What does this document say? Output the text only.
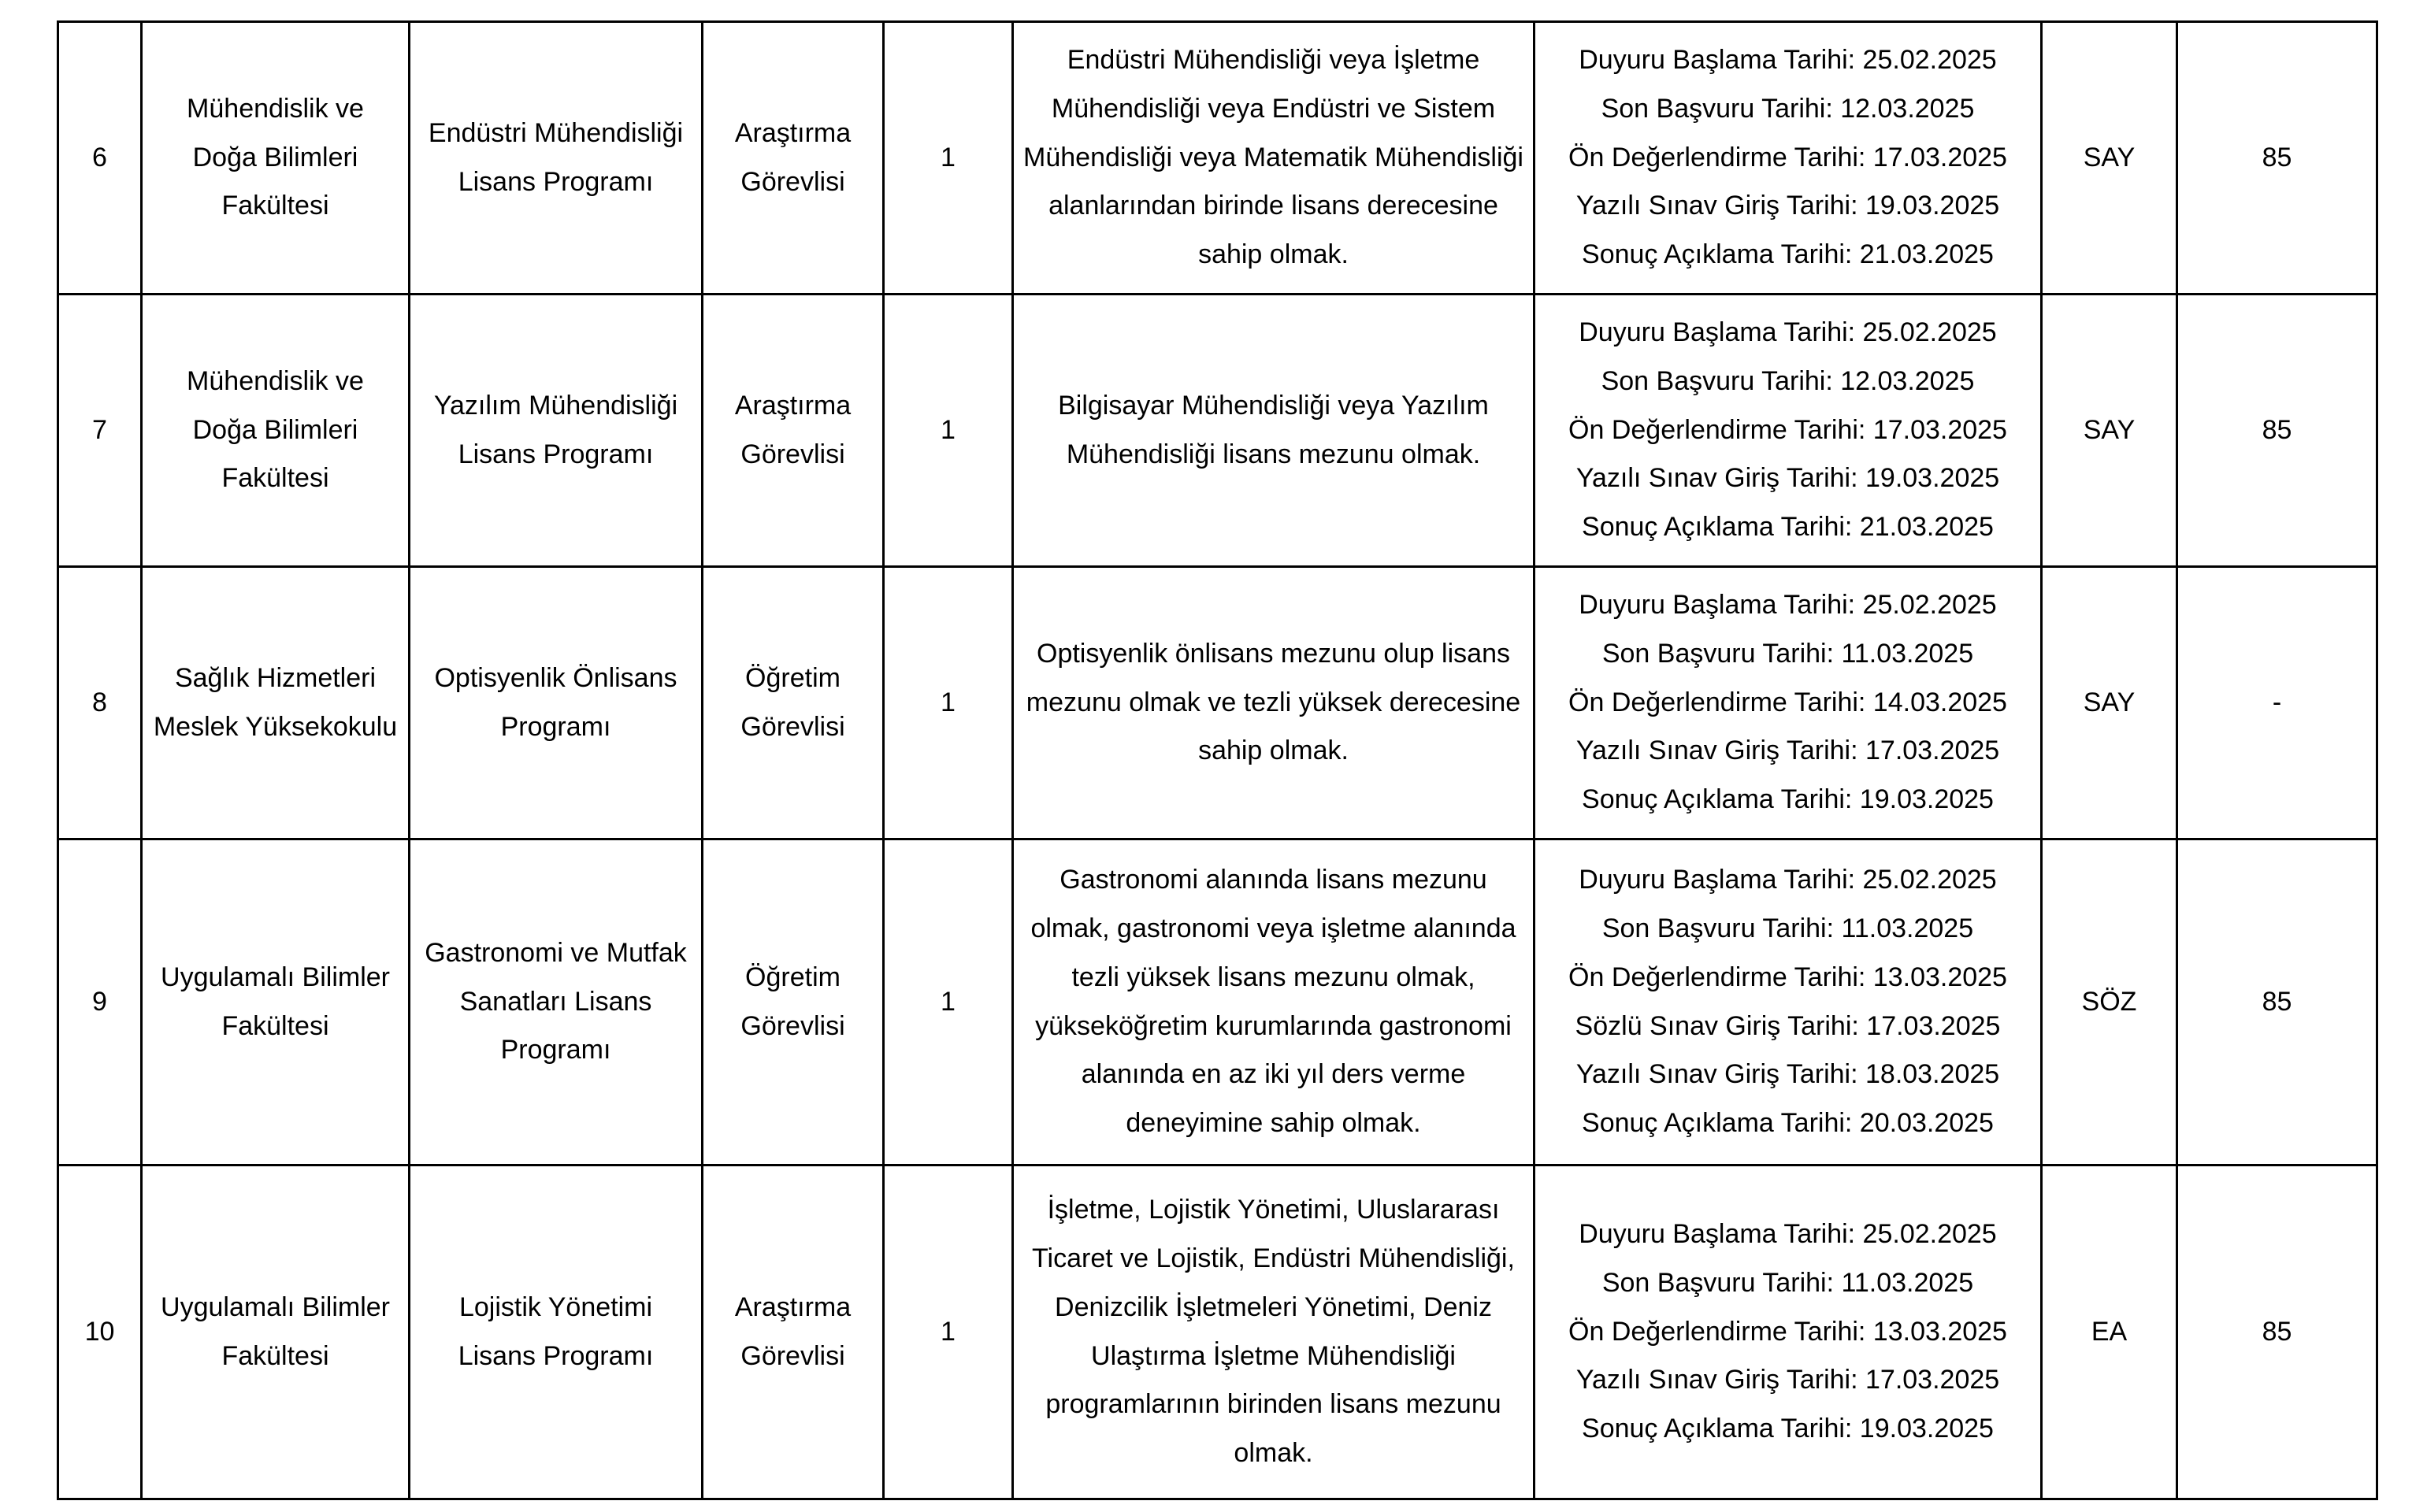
6	Mühendislik ve Doğa Bilimleri Fakültesi	Endüstri Mühendisliği Lisans Programı	Araştırma Görevlisi	1	Endüstri Mühendisliği veya İşletme Mühendisliği veya Endüstri ve Sistem Mühendisliği veya Matematik Mühendisliği alanlarından birinde lisans derecesine sahip olmak.	Duyuru Başlama Tarihi: 25.02.2025
Son Başvuru Tarihi: 12.03.2025
Ön Değerlendirme Tarihi: 17.03.2025
Yazılı Sınav Giriş Tarihi: 19.03.2025
Sonuç Açıklama Tarihi: 21.03.2025	SAY	85
7	Mühendislik ve Doğa Bilimleri Fakültesi	Yazılım Mühendisliği Lisans Programı	Araştırma Görevlisi	1	Bilgisayar Mühendisliği veya Yazılım Mühendisliği lisans mezunu olmak.	Duyuru Başlama Tarihi: 25.02.2025
Son Başvuru Tarihi: 12.03.2025
Ön Değerlendirme Tarihi: 17.03.2025
Yazılı Sınav Giriş Tarihi: 19.03.2025
Sonuç Açıklama Tarihi: 21.03.2025	SAY	85
8	Sağlık Hizmetleri Meslek Yüksekokulu	Optisyenlik Önlisans Programı	Öğretim Görevlisi	1	Optisyenlik önlisans mezunu olup lisans mezunu olmak ve tezli yüksek derecesine sahip olmak.	Duyuru Başlama Tarihi: 25.02.2025
Son Başvuru Tarihi: 11.03.2025
Ön Değerlendirme Tarihi: 14.03.2025
Yazılı Sınav Giriş Tarihi: 17.03.2025
Sonuç Açıklama Tarihi: 19.03.2025	SAY	-
9	Uygulamalı Bilimler Fakültesi	Gastronomi ve Mutfak Sanatları Lisans Programı	Öğretim Görevlisi	1	Gastronomi alanında lisans mezunu olmak, gastronomi veya işletme alanında tezli yüksek lisans mezunu olmak, yükseköğretim kurumlarında gastronomi alanında en az iki yıl ders verme deneyimine sahip olmak.	
Duyuru Başlama Tarihi: 25.02.2025
Son Başvuru Tarihi: 11.03.2025
Ön Değerlendirme Tarihi: 13.03.2025
Sözlü Sınav Giriş Tarihi: 17.03.2025
Yazılı Sınav Giriş Tarihi: 18.03.2025
Sonuç Açıklama Tarihi: 20.03.2025
	SÖZ	85
10	Uygulamalı Bilimler Fakültesi	Lojistik Yönetimi Lisans Programı	Araştırma Görevlisi	1	İşletme, Lojistik Yönetimi, Uluslararası Ticaret ve Lojistik, Endüstri Mühendisliği, Denizcilik İşletmeleri Yönetimi, Deniz Ulaştırma İşletme Mühendisliği programlarının birinden lisans mezunu olmak.	Duyuru Başlama Tarihi: 25.02.2025
Son Başvuru Tarihi: 11.03.2025
Ön Değerlendirme Tarihi: 13.03.2025
Yazılı Sınav Giriş Tarihi: 17.03.2025
Sonuç Açıklama Tarihi: 19.03.2025	EA	85
